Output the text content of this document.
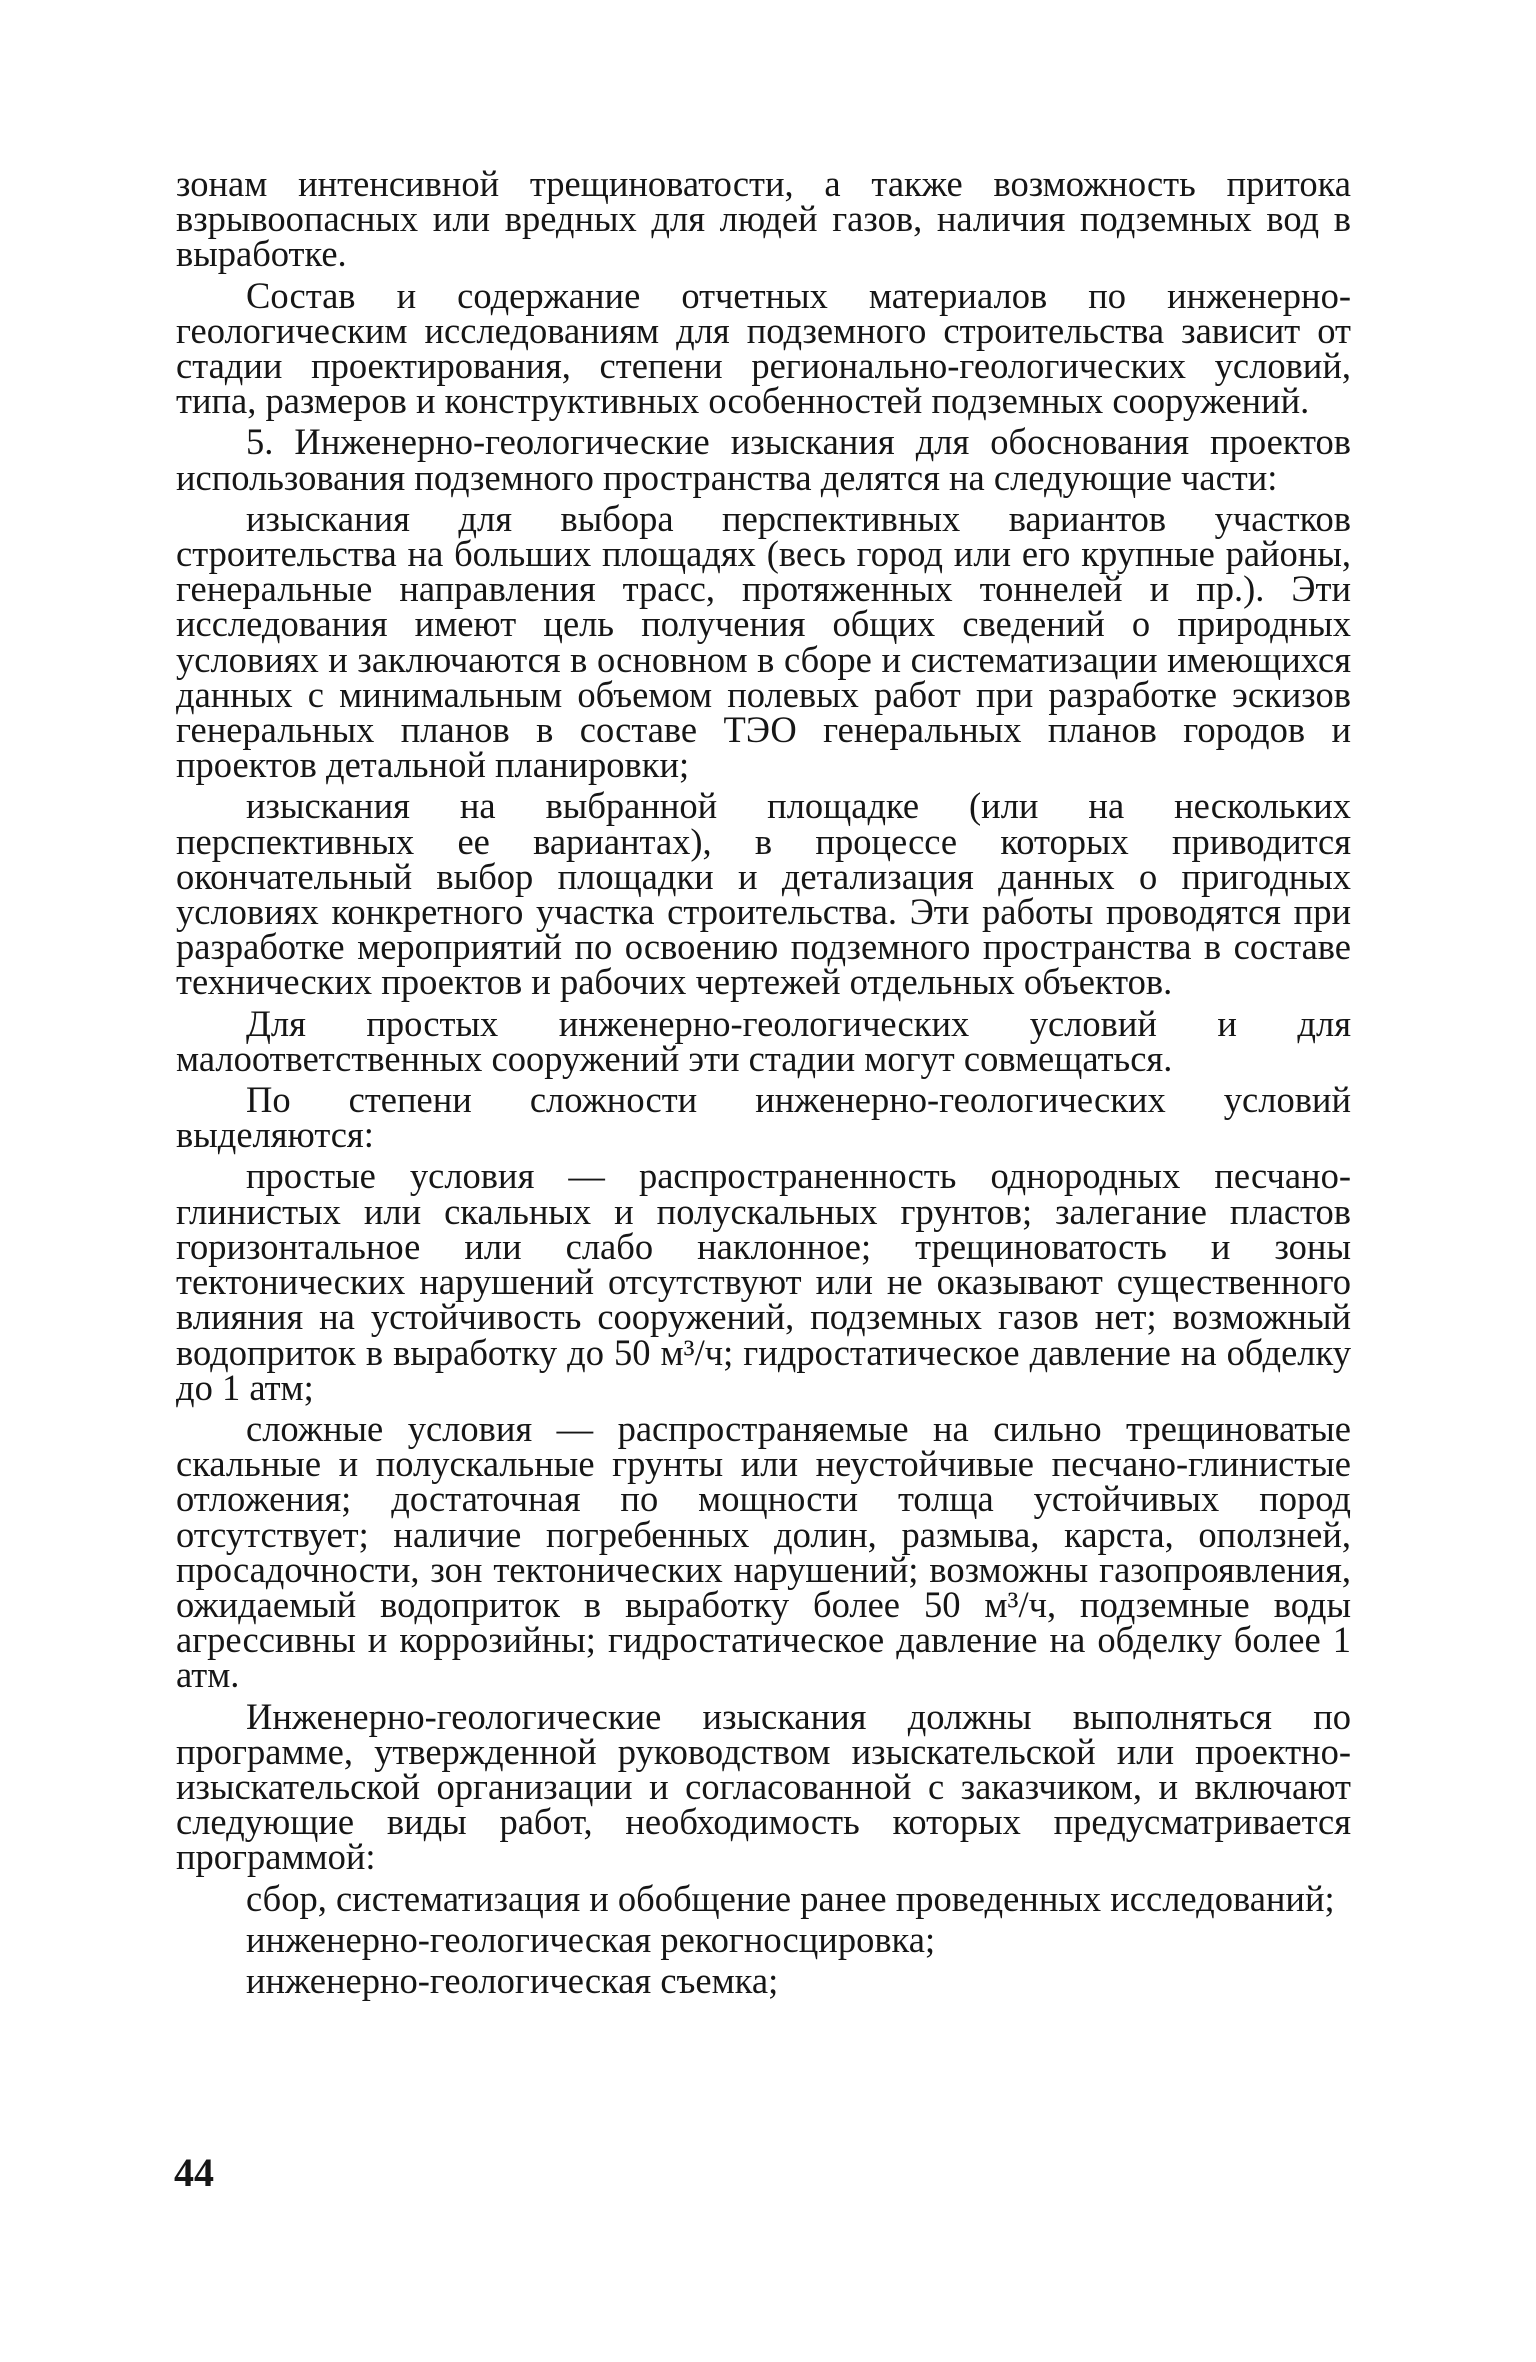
зонам интенсивной трещиноватости, а также возможность притока взрывоопасных или вредных для людей газов, наличия подземных вод в выработке.

Состав и содержание отчетных материалов по инженерно-геологическим исследованиям для подземного строительства зависит от стадии проектирования, степени регионально-геологических условий, типа, размеров и конструктивных особенностей подземных сооружений.

5. Инженерно-геологические изыскания для обоснования проектов использования подземного пространства делятся на следующие части:

изыскания для выбора перспективных вариантов участков строительства на больших площадях (весь город или его крупные районы, генеральные направления трасс, протяженных тоннелей и пр.). Эти исследования имеют цель получения общих сведений о природных условиях и заключаются в основном в сборе и систематизации имеющихся данных с минимальным объемом полевых работ при разработке эскизов генеральных планов в составе ТЭО генеральных планов городов и проектов детальной планировки;

изыскания на выбранной площадке (или на нескольких перспективных ее вариантах), в процессе которых приводится окончательный выбор площадки и детализация данных о пригодных условиях конкретного участка строительства. Эти работы проводятся при разработке мероприятий по освоению подземного пространства в составе технических проектов и рабочих чертежей отдельных объектов.

Для простых инженерно-геологических условий и для малоответственных сооружений эти стадии могут совмещаться.

По степени сложности инженерно-геологических условий выделяются:

простые условия — распространенность однородных песчано-глинистых или скальных и полускальных грунтов; залегание пластов горизонтальное или слабо наклонное; трещиноватость и зоны тектонических нарушений отсутствуют или не оказывают существенного влияния на устойчивость сооружений, подземных газов нет; возможный водоприток в выработку до 50 м³/ч; гидростатическое давление на обделку до 1 атм;

сложные условия — распространяемые на сильно трещиноватые скальные и полускальные грунты или неустойчивые песчано-глинистые отложения; достаточная по мощности толща устойчивых пород отсутствует; наличие погребенных долин, размыва, карста, оползней, просадочности, зон тектонических нарушений; возможны газопроявления, ожидаемый водоприток в выработку более 50 м³/ч, подземные воды агрессивны и коррозийны; гидростатическое давление на обделку более 1 атм.

Инженерно-геологические изыскания должны выполняться по программе, утвержденной руководством изыскательской или проектно-изыскательской организации и согласованной с заказчиком, и включают следующие виды работ, необходимость которых предусматривается программой:

сбор, систематизация и обобщение ранее проведенных исследований;

инженерно-геологическая рекогносцировка;

инженерно-геологическая съемка;

44
